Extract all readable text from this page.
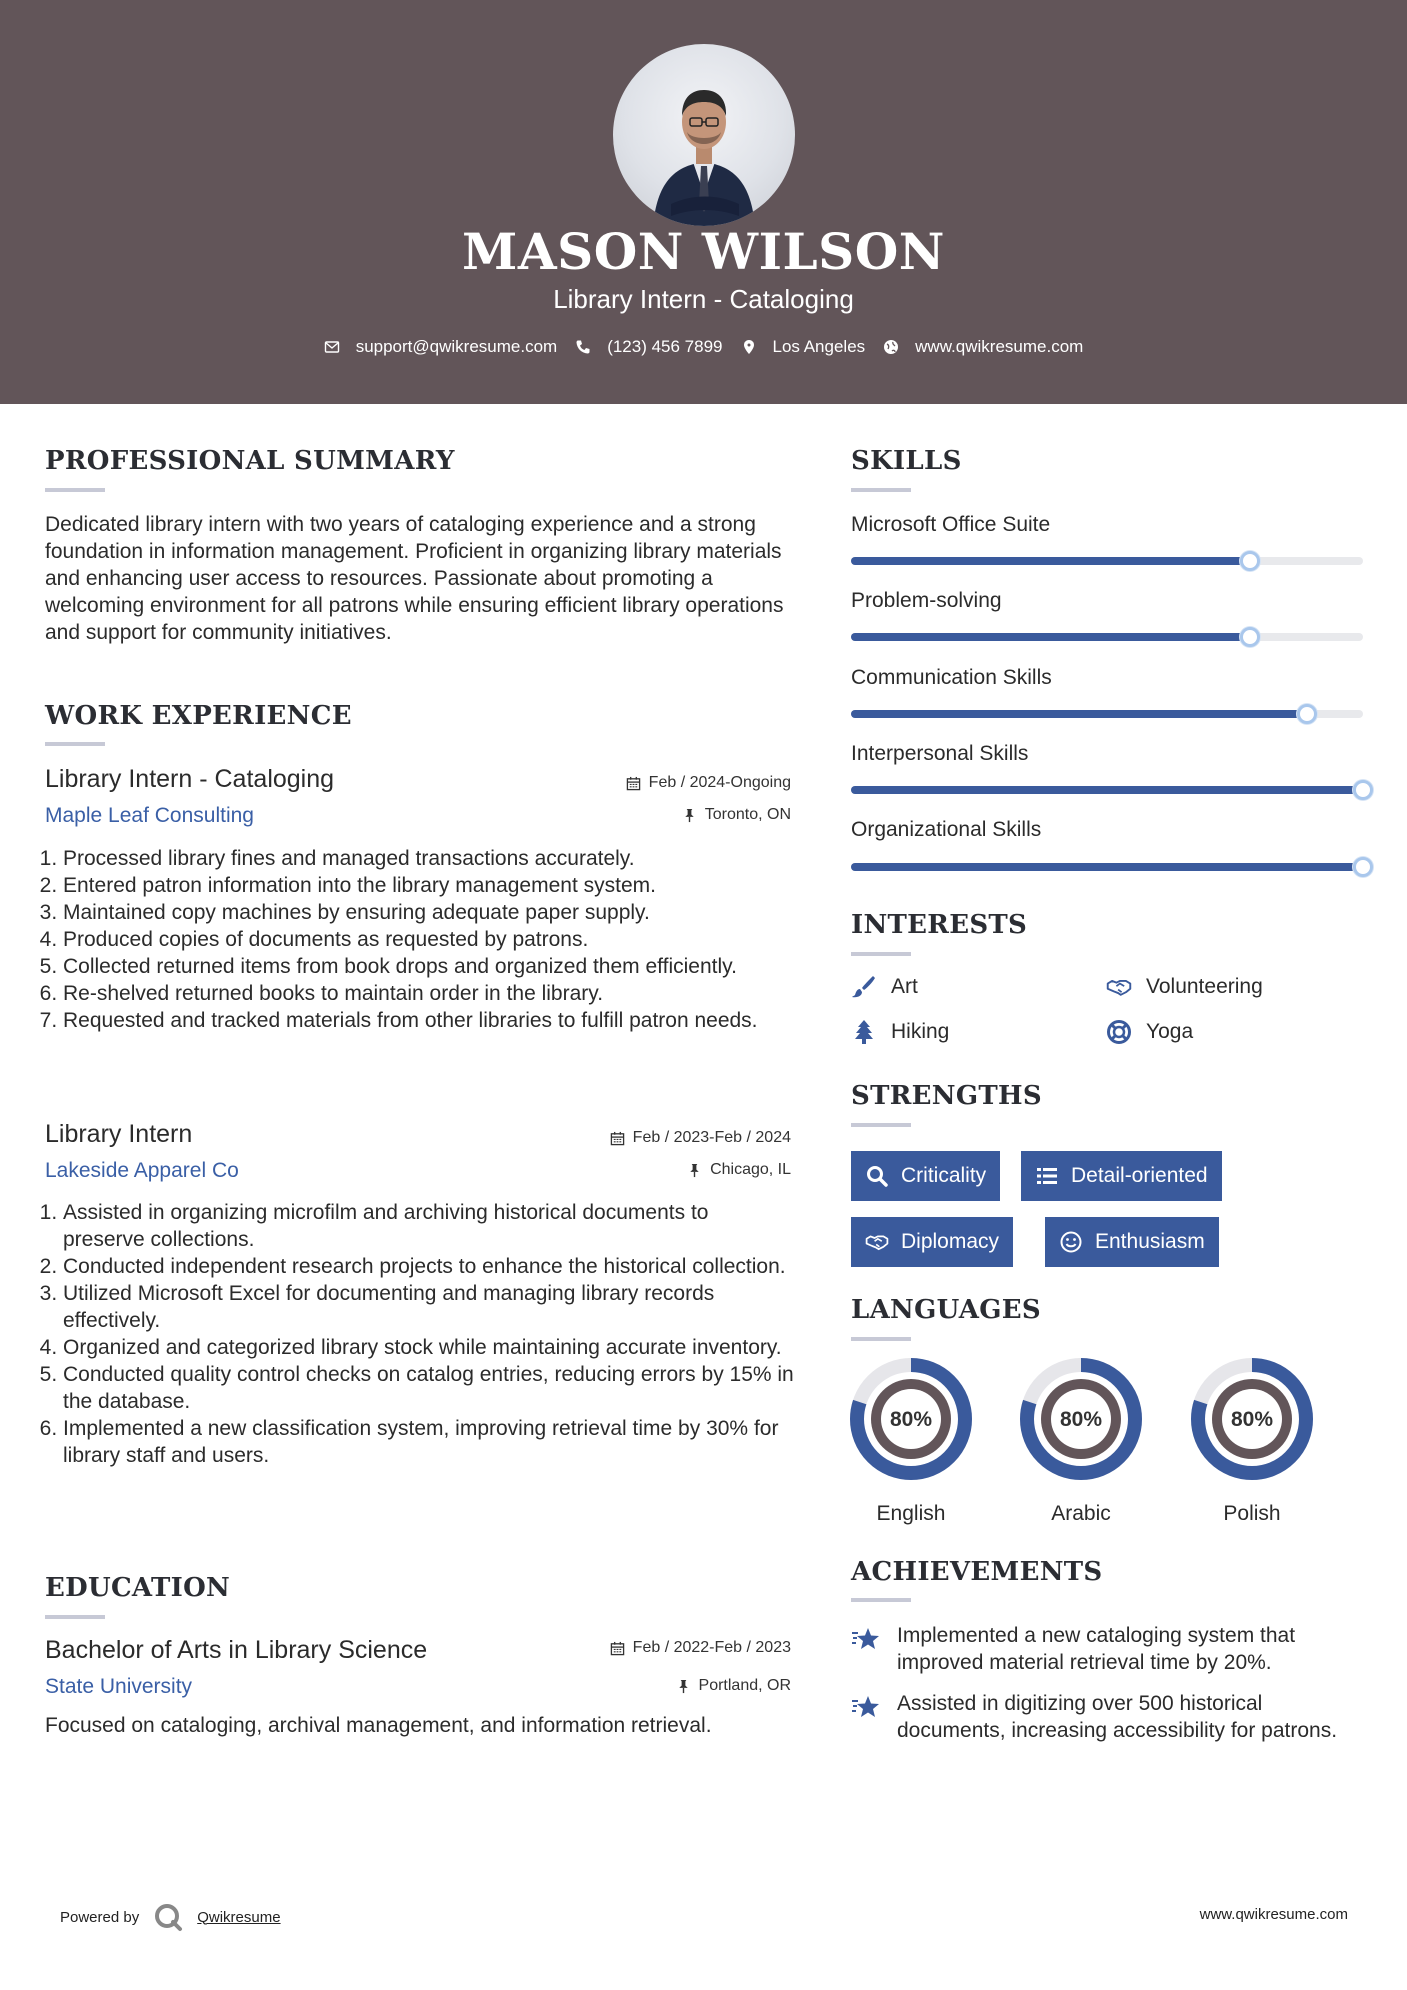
MASON WILSON
Library Intern - Cataloging
support@qwikresume.com	(123) 456 7899	Los Angeles	www.qwikresume.com
PROFESSIONAL SUMMARY
Dedicated library intern with two years of cataloging experience and a strong foundation in information management. Proficient in organizing library materials and enhancing user access to resources. Passionate about promoting a welcoming environment for all patrons while ensuring efficient library operations and support for community initiatives.
WORK EXPERIENCE
Library Intern - Cataloging	Feb / 2024-Ongoing
Maple Leaf Consulting	Toronto, ON
1. Processed library fines and managed transactions accurately.
2. Entered patron information into the library management system.
3. Maintained copy machines by ensuring adequate paper supply.
4. Produced copies of documents as requested by patrons.
5. Collected returned items from book drops and organized them efficiently.
6. Re-shelved returned books to maintain order in the library.
7. Requested and tracked materials from other libraries to fulfill patron needs.
Library Intern	Feb / 2023-Feb / 2024
Lakeside Apparel Co	Chicago, IL
1. Assisted in organizing microfilm and archiving historical documents to preserve collections.
2. Conducted independent research projects to enhance the historical collection.
3. Utilized Microsoft Excel for documenting and managing library records effectively.
4. Organized and categorized library stock while maintaining accurate inventory.
5. Conducted quality control checks on catalog entries, reducing errors by 15% in the database.
6. Implemented a new classification system, improving retrieval time by 30% for library staff and users.
EDUCATION
Bachelor of Arts in Library Science	Feb / 2022-Feb / 2023
State University	Portland, OR
Focused on cataloging, archival management, and information retrieval.
SKILLS
Microsoft Office Suite
Problem-solving
Communication Skills
Interpersonal Skills
Organizational Skills
INTERESTS
Art	Volunteering
Hiking	Yoga
STRENGTHS
Criticality	Detail-oriented
Diplomacy	Enthusiasm
LANGUAGES
80%
English
80%
Arabic
80%
Polish
ACHIEVEMENTS
Implemented a new cataloging system that improved material retrieval time by 20%.
Assisted in digitizing over 500 historical documents, increasing accessibility for patrons.
Powered by	Qwikresume	www.qwikresume.com
